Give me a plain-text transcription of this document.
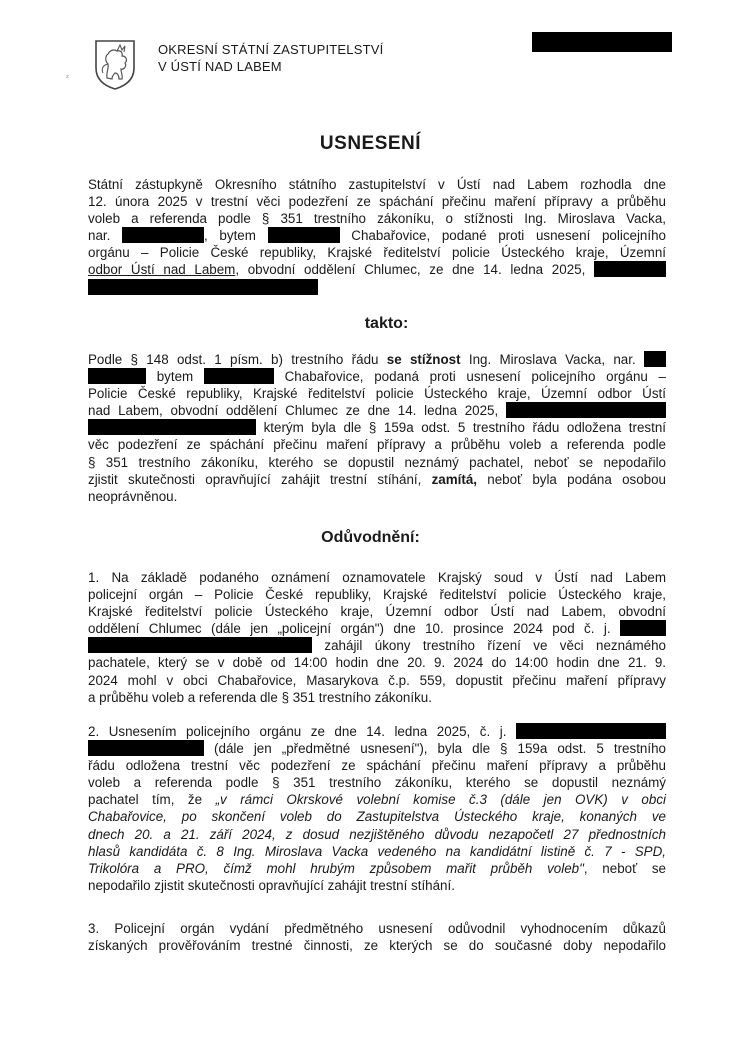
OKRESNÍ STÁTNÍ ZASTUPITELSTVÍ
V ÚSTÍ NAD LABEM
ᶻ
USNESENÍ
Státní zástupkyně Okresního státního zastupitelství v Ústí nad Labem rozhodla dne
12. února 2025 v trestní věci podezření ze spáchání přečinu maření přípravy a průběhu
voleb a referenda podle § 351 trestního zákoníku, o stížnosti Ing. Miroslava Vacka,
nar.	, bytem	Chabařovice, podané proti usnesení policejního
orgánu – Policie České republiky, Krajské ředitelství policie Ústeckého kraje, Územní
odbor Ústí nad Labem, obvodní oddělení Chlumec, ze dne 14. ledna 2025,
takto:
Podle § 148 odst. 1 písm. b) trestního řádu se stížnost Ing. Miroslava Vacka, nar.
bytem	Chabařovice, podaná proti usnesení policejního orgánu –
Policie České republiky, Krajské ředitelství policie Ústeckého kraje, Územní odbor Ústí
nad Labem, obvodní oddělení Chlumec ze dne 14. ledna 2025,
kterým byla dle § 159a odst. 5 trestního řádu odložena trestní
věc podezření ze spáchání přečinu maření přípravy a průběhu voleb a referenda podle
§ 351 trestního zákoníku, kterého se dopustil neznámý pachatel, neboť se nepodařilo
zjistit skutečnosti opravňující zahájit trestní stíhání, zamítá, neboť byla podána osobou
neoprávněnou.
Odůvodnění:
1. Na základě podaného oznámení oznamovatele Krajský soud v Ústí nad Labem
policejní orgán – Policie České republiky, Krajské ředitelství policie Ústeckého kraje,
Krajské ředitelství policie Ústeckého kraje, Územní odbor Ústí nad Labem, obvodní
oddělení Chlumec (dále jen „policejní orgán") dne 10. prosince 2024 pod č. j.
zahájil úkony trestního řízení ve věci neznámého
pachatele, který se v době od 14:00 hodin dne 20. 9. 2024 do 14:00 hodin dne 21. 9.
2024 mohl v obci Chabařovice, Masarykova č.p. 559, dopustit přečinu maření přípravy
a průběhu voleb a referenda dle § 351 trestního zákoníku.
2. Usnesením policejního orgánu ze dne 14. ledna 2025, č. j.
(dále jen „předmětné usnesení"), byla dle § 159a odst. 5 trestního
řádu odložena trestní věc podezření ze spáchání přečinu maření přípravy a průběhu
voleb a referenda podle § 351 trestního zákoníku, kterého se dopustil neznámý
pachatel tím, že „v rámci Okrskové volební komise č.3 (dále jen OVK) v obci
Chabařovice, po skončení voleb do Zastupitelstva Ústeckého kraje, konaných ve
dnech 20. a 21. září 2024, z dosud nezjištěného důvodu nezapočetl 27 přednostních
hlasů kandidáta č. 8 Ing. Miroslava Vacka vedeného na kandidátní listině č. 7 - SPD,
Trikolóra a PRO, čímž mohl hrubým způsobem mařit průběh voleb", neboť se
nepodařilo zjistit skutečnosti opravňující zahájit trestní stíhání.
3. Policejní orgán vydání předmětného usnesení odůvodnil vyhodnocením důkazů
získaných prověřováním trestné činnosti, ze kterých se do současné doby nepodařilo
